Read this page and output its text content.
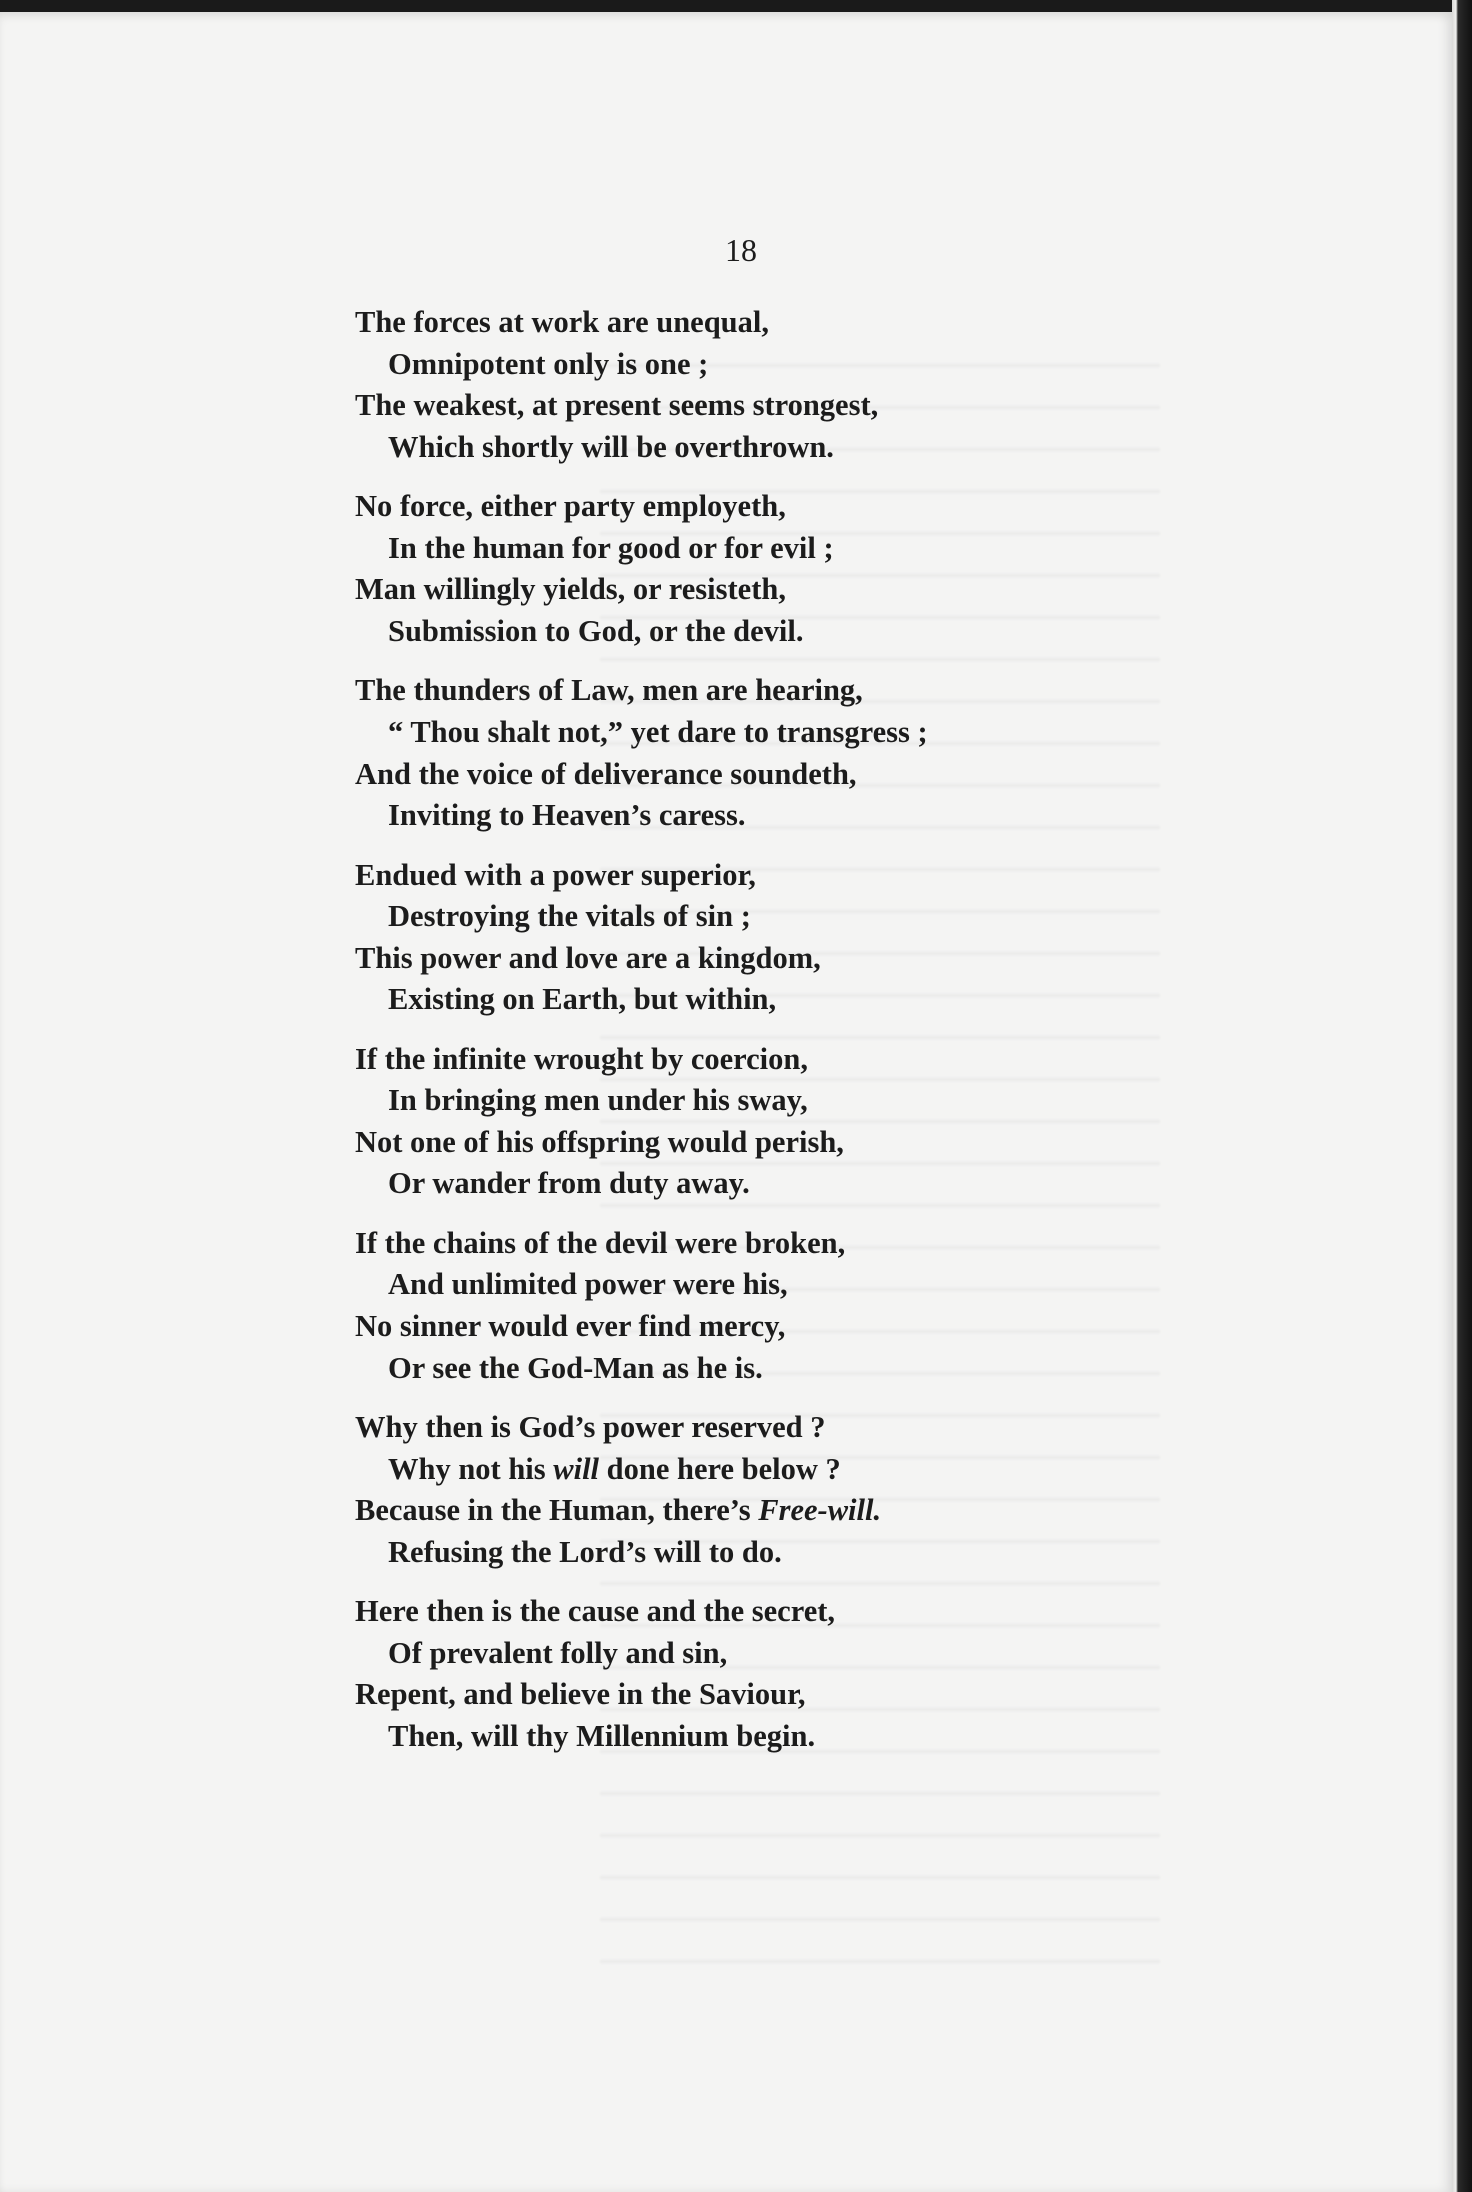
18
The forces at work are unequal,
Omnipotent only is one ;
The weakest, at present seems strongest,
Which shortly will be overthrown.
No force, either party employeth,
In the human for good or for evil ;
Man willingly yields, or resisteth,
Submission to God, or the devil.
The thunders of Law, men are hearing,
“ Thou shalt not,” yet dare to transgress ;
And the voice of deliverance soundeth,
Inviting to Heaven’s caress.
Endued with a power superior,
Destroying the vitals of sin ;
This power and love are a kingdom,
Existing on Earth, but within,
If the infinite wrought by coercion,
In bringing men under his sway,
Not one of his offspring would perish,
Or wander from duty away.
If the chains of the devil were broken,
And unlimited power were his,
No sinner would ever find mercy,
Or see the God-Man as he is.
Why then is God’s power reserved ?
Why not his will done here below ?
Because in the Human, there’s Free-will.
Refusing the Lord’s will to do.
Here then is the cause and the secret,
Of prevalent folly and sin,
Repent, and believe in the Saviour,
Then, will thy Millennium begin.
